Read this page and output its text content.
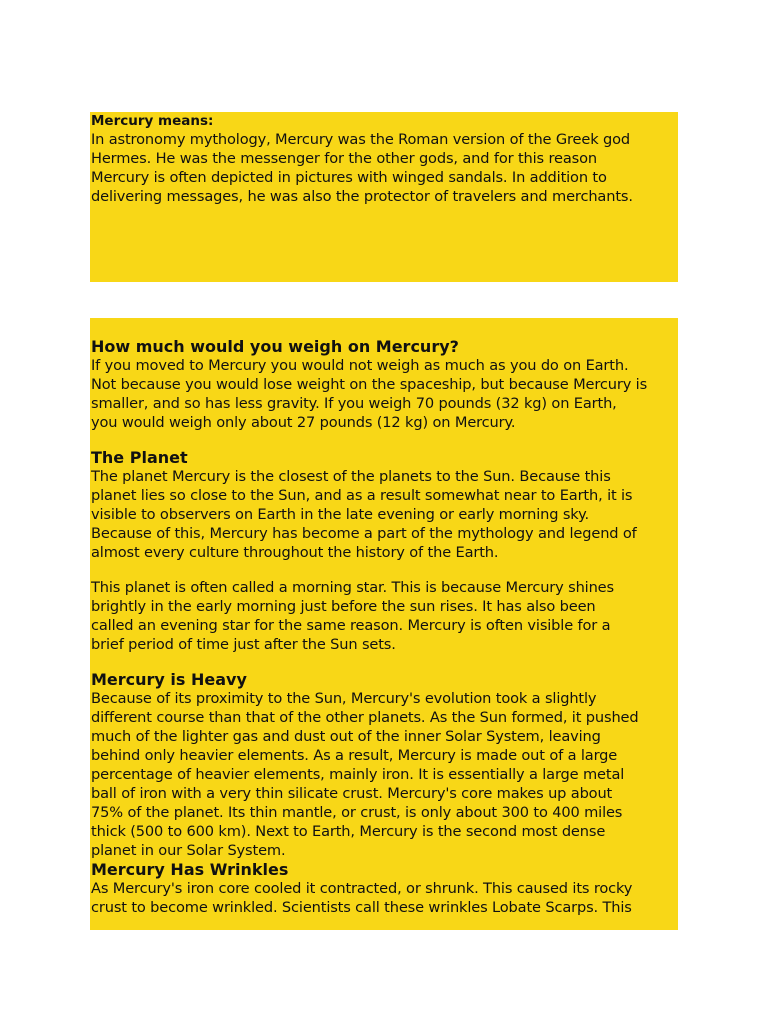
Mercury means:

In astronomy mythology, Mercury was the Roman version of the Greek god
Hermes. He was the messenger for the other gods, and for this reason
Mercury is often depicted in pictures with winged sandals. In addition to
delivering messages, he was also the protector of travelers and merchants.

How much would you weigh on Mercury?

If you moved to Mercury you would not weigh as much as you do on Earth.
Not because you would lose weight on the spaceship, but because Mercury is
smaller, and so has less gravity. If you weigh 70 pounds (32 kg) on Earth,
you would weigh only about 27 pounds (12 kg) on Mercury.

The Planet

The planet Mercury is the closest of the planets to the Sun. Because this
planet lies so close to the Sun, and as a result somewhat near to Earth, it is
visible to observers on Earth in the late evening or early morning sky.
Because of this, Mercury has become a part of the mythology and legend of
almost every culture throughout the history of the Earth.

This planet is often called a morning star. This is because Mercury shines
brightly in the early morning just before the sun rises. It has also been
called an evening star for the same reason. Mercury is often visible for a
brief period of time just after the Sun sets.

Mercury is Heavy

Because of its proximity to the Sun, Mercury's evolution took a slightly
different course than that of the other planets. As the Sun formed, it pushed
much of the lighter gas and dust out of the inner Solar System, leaving
behind only heavier elements. As a result, Mercury is made out of a large
percentage of heavier elements, mainly iron. It is essentially a large metal
ball of iron with a very thin silicate crust. Mercury's core makes up about
75% of the planet. Its thin mantle, or crust, is only about 300 to 400 miles
thick (500 to 600 km). Next to Earth, Mercury is the second most dense
planet in our Solar System.

Mercury Has Wrinkles

As Mercury's iron core cooled it contracted, or shrunk. This caused its rocky
crust to become wrinkled. Scientists call these wrinkles Lobate Scarps. This
